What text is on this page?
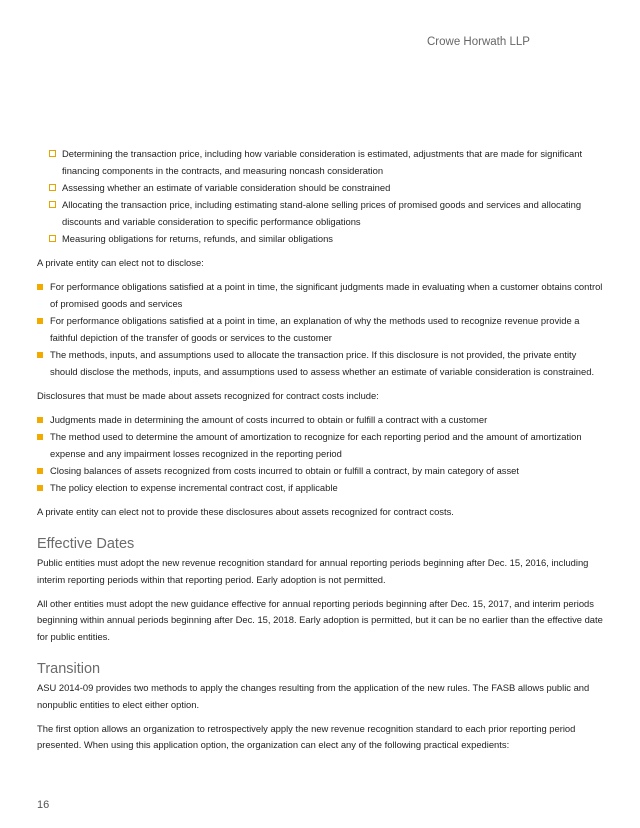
Crowe Horwath LLP
Determining the transaction price, including how variable consideration is estimated, adjustments that are made for significant financing components in the contracts, and measuring noncash consideration
Assessing whether an estimate of variable consideration should be constrained
Allocating the transaction price, including estimating stand-alone selling prices of promised goods and services and allocating discounts and variable consideration to specific performance obligations
Measuring obligations for returns, refunds, and similar obligations

A private entity can elect not to disclose:

For performance obligations satisfied at a point in time, the significant judgments made in evaluating when a customer obtains control of promised goods and services
For performance obligations satisfied at a point in time, an explanation of why the methods used to recognize revenue provide a faithful depiction of the transfer of goods or services to the customer
The methods, inputs, and assumptions used to allocate the transaction price. If this disclosure is not provided, the private entity should disclose the methods, inputs, and assumptions used to assess whether an estimate of variable consideration is constrained.

Disclosures that must be made about assets recognized for contract costs include:

Judgments made in determining the amount of costs incurred to obtain or fulfill a contract with a customer
The method used to determine the amount of amortization to recognize for each reporting period and the amount of amortization expense and any impairment losses recognized in the reporting period
Closing balances of assets recognized from costs incurred to obtain or fulfill a contract, by main category of asset
The policy election to expense incremental contract cost, if applicable

A private entity can elect not to provide these disclosures about assets recognized for contract costs.

Effective Dates

Public entities must adopt the new revenue recognition standard for annual reporting periods beginning after Dec. 15, 2016, including interim reporting periods within that reporting period. Early adoption is not permitted.

All other entities must adopt the new guidance effective for annual reporting periods beginning after Dec. 15, 2017, and interim periods beginning within annual periods beginning after Dec. 15, 2018. Early adoption is permitted, but it can be no earlier than the effective date for public entities.

Transition

ASU 2014-09 provides two methods to apply the changes resulting from the application of the new rules. The FASB allows public and nonpublic entities to elect either option.

The first option allows an organization to retrospectively apply the new revenue recognition standard to each prior reporting period presented. When using this application option, the organization can elect any of the following practical expedients:

16
